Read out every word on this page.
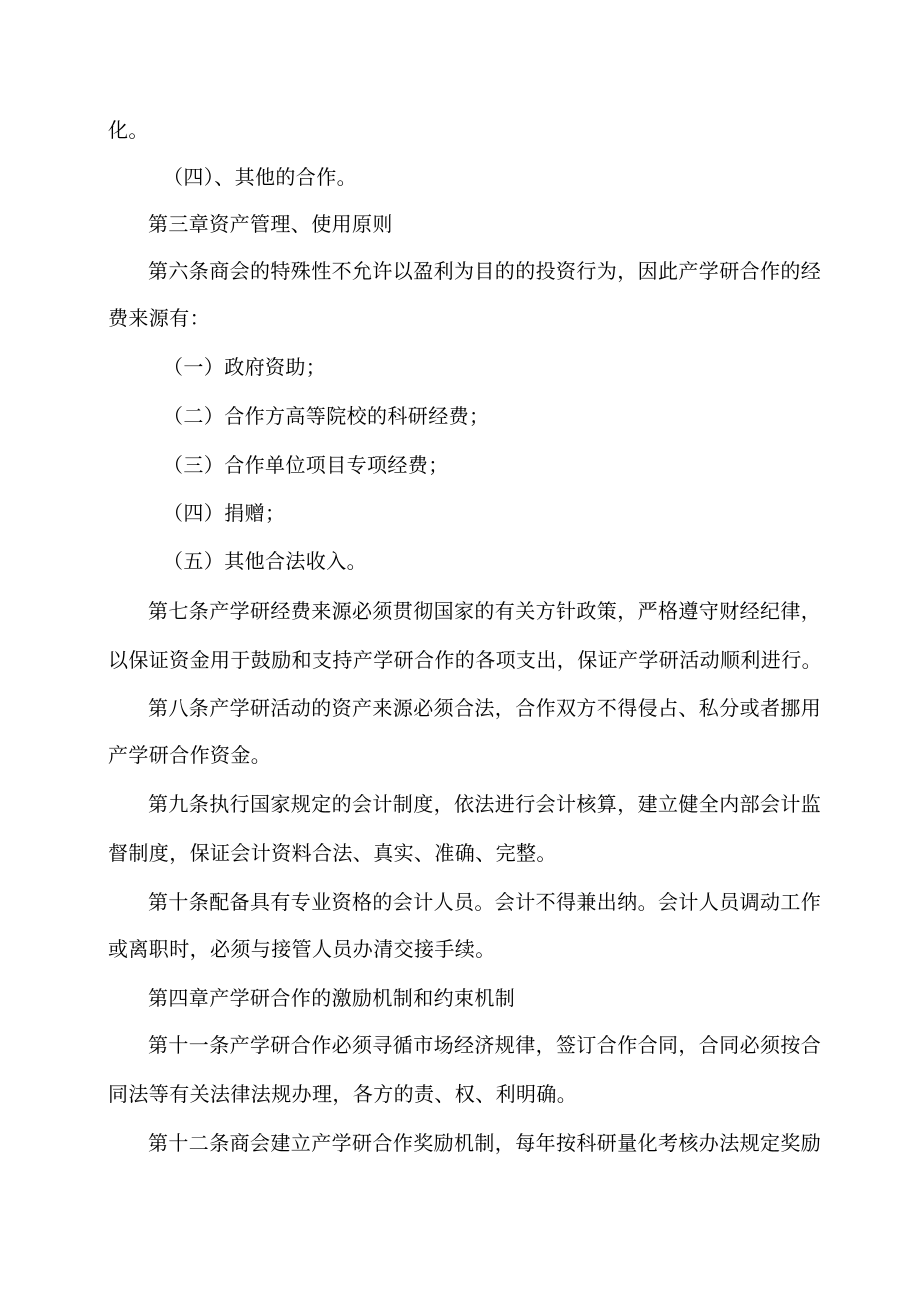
化。
（四）、其他的合作。
第三章资产管理、使用原则
第六条商会的特殊性不允许以盈利为目的的投资行为，因此产学研合作的经
费来源有：
（一）政府资助；
（二）合作方高等院校的科研经费；
（三）合作单位项目专项经费；
（四）捐赠；
（五）其他合法收入。
第七条产学研经费来源必须贯彻国家的有关方针政策，严格遵守财经纪律，
以保证资金用于鼓励和支持产学研合作的各项支出，保证产学研活动顺利进行。
第八条产学研活动的资产来源必须合法，合作双方不得侵占、私分或者挪用
产学研合作资金。
第九条执行国家规定的会计制度，依法进行会计核算，建立健全内部会计监
督制度，保证会计资料合法、真实、准确、完整。
第十条配备具有专业资格的会计人员。会计不得兼出纳。会计人员调动工作
或离职时，必须与接管人员办清交接手续。
第四章产学研合作的激励机制和约束机制
第十一条产学研合作必须寻循市场经济规律，签订合作合同，合同必须按合
同法等有关法律法规办理，各方的责、权、利明确。
第十二条商会建立产学研合作奖励机制，每年按科研量化考核办法规定奖励
